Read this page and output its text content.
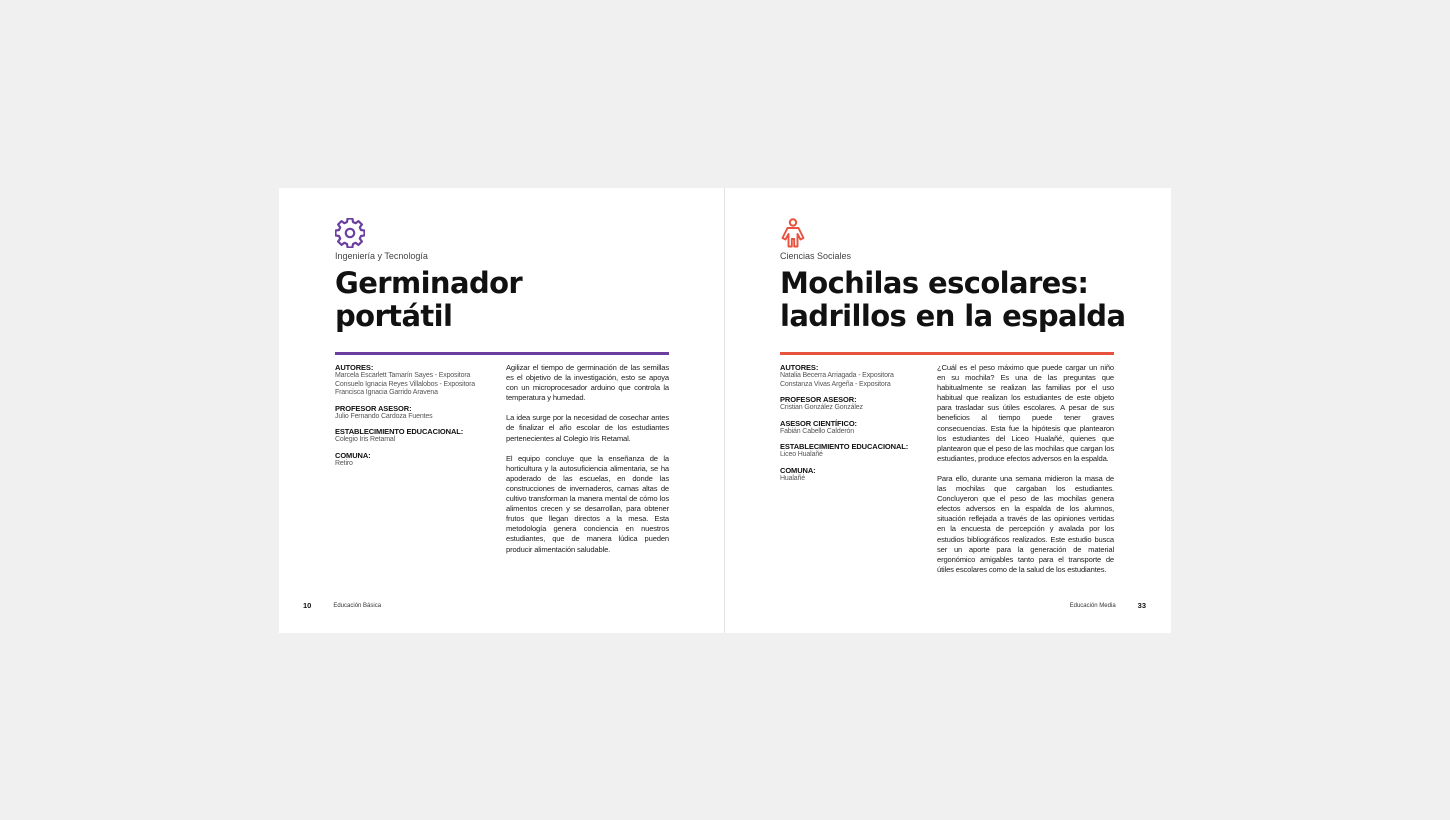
Ingeniería y Tecnología
Germinador
portátil
AUTORES:
Marcela Escarlett Tamarín Sayes - Expositora
Consuelo Ignacia Reyes Villalobos - Expositora
Francisca Ignacia Garrido Aravena
PROFESOR ASESOR:
Julio Fernando Cardoza Fuentes
ESTABLECIMIENTO EDUCACIONAL:
Colegio Iris Retamal
COMUNA:
Retiro

Agilizar el tiempo de germinación de las semillas es el objetivo de la investigación, esto se apoya con un microprocesador arduino que controla la temperatura y humedad.

La idea surge por la necesidad de cosechar antes de finalizar el año escolar de los estudiantes pertenecientes al Colegio Iris Retamal.

El equipo concluye que la enseñanza de la horticultura y la autosuficiencia alimentaria, se ha apoderado de las escuelas, en donde las construcciones de invernaderos, camas altas de cultivo transforman la manera mental de cómo los alimentos crecen y se desarrollan, para obtener frutos que llegan directos a la mesa. Esta metodología genera conciencia en nuestros estudiantes, que de manera lúdica pueden producir alimentación saludable.

10	Educación Básica
Ciencias Sociales
Mochilas escolares:
ladrillos en la espalda
AUTORES:
Natalia Becerra Arriagada - Expositora
Constanza Vivas Argeña - Expositora
PROFESOR ASESOR:
Cristian González González
ASESOR CIENTÍFICO:
Fabián Cabello Calderón
ESTABLECIMIENTO EDUCACIONAL:
Liceo Hualañé
COMUNA:
Hualañé

¿Cuál es el peso máximo que puede cargar un niño en su mochila? Es una de las preguntas que habitualmente se realizan las familias por el uso habitual que realizan los estudiantes de este objeto para trasladar sus útiles escolares. A pesar de sus beneficios al tiempo puede tener graves consecuencias. Esta fue la hipótesis que plantearon los estudiantes del Liceo Hualañé, quienes que plantearon que el peso de las mochilas que cargan los estudiantes, produce efectos adversos en la espalda.

Para ello, durante una semana midieron la masa de las mochilas que cargaban los estudiantes. Concluyeron que el peso de las mochilas genera efectos adversos en la espalda de los alumnos, situación reflejada a través de las opiniones vertidas en la encuesta de percepción y avalada por los estudios bibliográficos realizados. Este estudio busca ser un aporte para la generación de material ergonómico amigables tanto para el transporte de útiles escolares como de la salud de los estudiantes.

Educación Media	33
